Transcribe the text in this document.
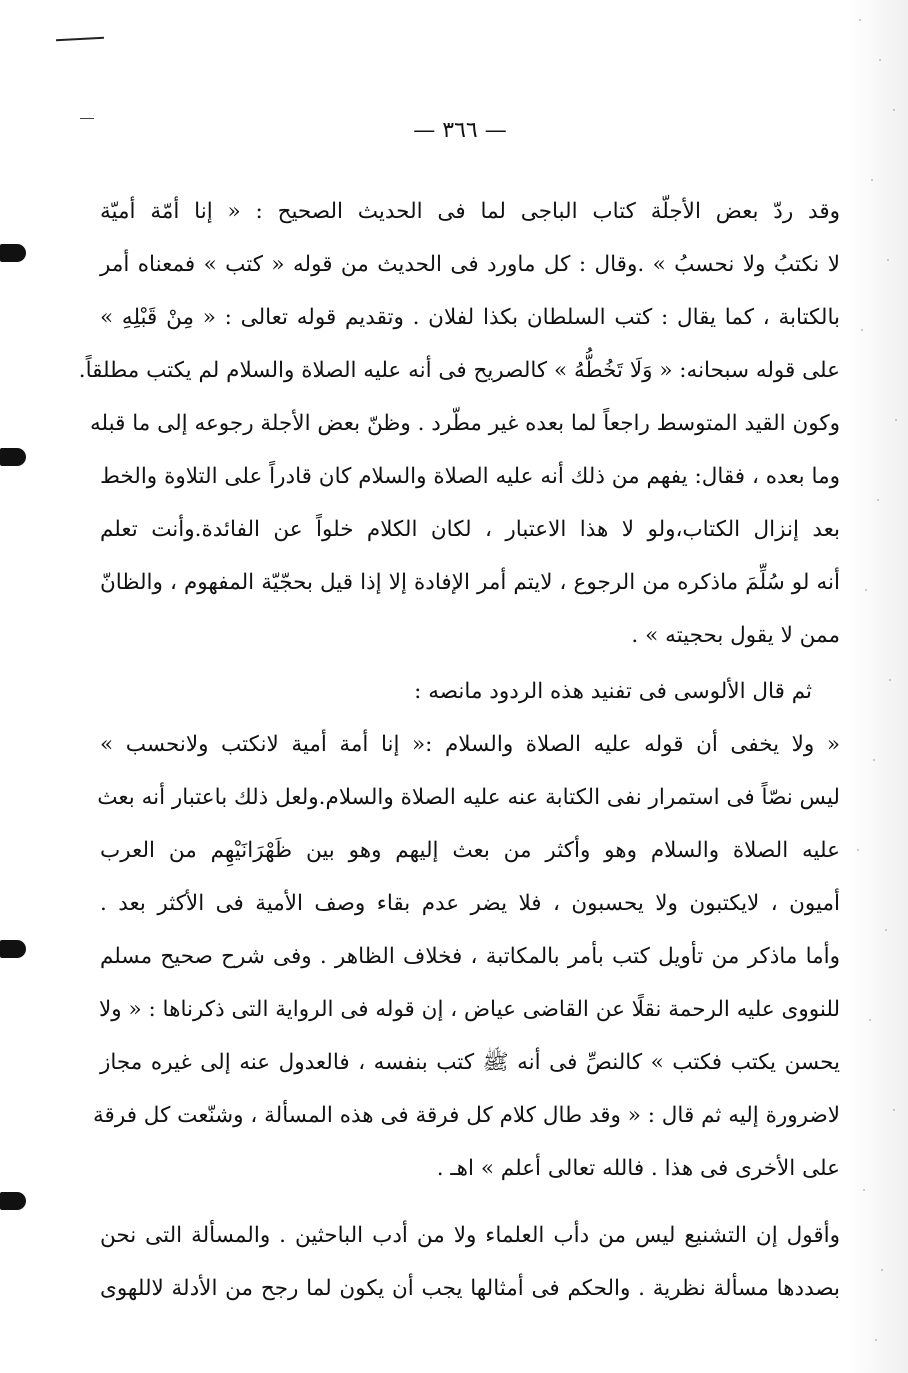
— ٣٦٦ —
وقد ردّ بعض الأجلّة كتاب الباجى لما فى الحديث الصحيح : « إنا أمّة أميّة
لا نكتبُ ولا نحسبُ » .وقال : كل ماورد فى الحديث من قوله « كتب » فمعناه أمر
بالكتابة ، كما يقال : كتب السلطان بكذا لفلان . وتقديم قوله تعالى : « مِنْ قَبْلِهِ »
على قوله سبحانه: « وَلَا تَخُطُّهُ » كالصريح فى أنه عليه الصلاة والسلام لم يكتب مطلقاً.
وكون القيد المتوسط راجعاً لما بعده غير مطّرد . وظنّ بعض الأجلة رجوعه إلى ما قبله
وما بعده ، فقال: يفهم من ذلك أنه عليه الصلاة والسلام كان قادراً على التلاوة والخط
بعد إنزال الكتاب،ولو لا هذا الاعتبار ، لكان الكلام خلواً عن الفائدة.وأنت تعلم
أنه لو سُلِّمَ ماذكره من الرجوع ، لايتم أمر الإفادة إلا إذا قيل بحجّيّة المفهوم ، والظانّ
ممن لا يقول بحجيته » .
ثم قال الألوسى فى تفنيد هذه الردود مانصه :
« ولا يخفى أن قوله عليه الصلاة والسلام :« إنا أمة أمية لانكتب ولانحسب »
ليس نصّاً فى استمرار نفى الكتابة عنه عليه الصلاة والسلام.ولعل ذلك باعتبار أنه بعث
عليه الصلاة والسلام وهو وأكثر من بعث إليهم وهو بين ظَهْرَانَيْهِم من العرب
أميون ، لايكتبون ولا يحسبون ، فلا يضر عدم بقاء وصف الأمية فى الأكثر بعد .
وأما ماذكر من تأويل كتب بأمر بالمكاتبة ، فخلاف الظاهر . وفى شرح صحيح مسلم
للنووى عليه الرحمة نقلًا عن القاضى عياض ، إن قوله فى الرواية التى ذكرناها : « ولا
يحسن يكتب فكتب » كالنصِّ فى أنه ﷺ كتب بنفسه ، فالعدول عنه إلى غيره مجاز
لاضرورة إليه ثم قال : « وقد طال كلام كل فرقة فى هذه المسألة ، وشنّعت كل فرقة
على الأخرى فى هذا . فالله تعالى أعلم » اهـ .
وأقول إن التشنيع ليس من دأب العلماء ولا من أدب الباحثين . والمسألة التى نحن
بصددها مسألة نظرية . والحكم فى أمثالها يجب أن يكون لما رجح من الأدلة لاللهوى
